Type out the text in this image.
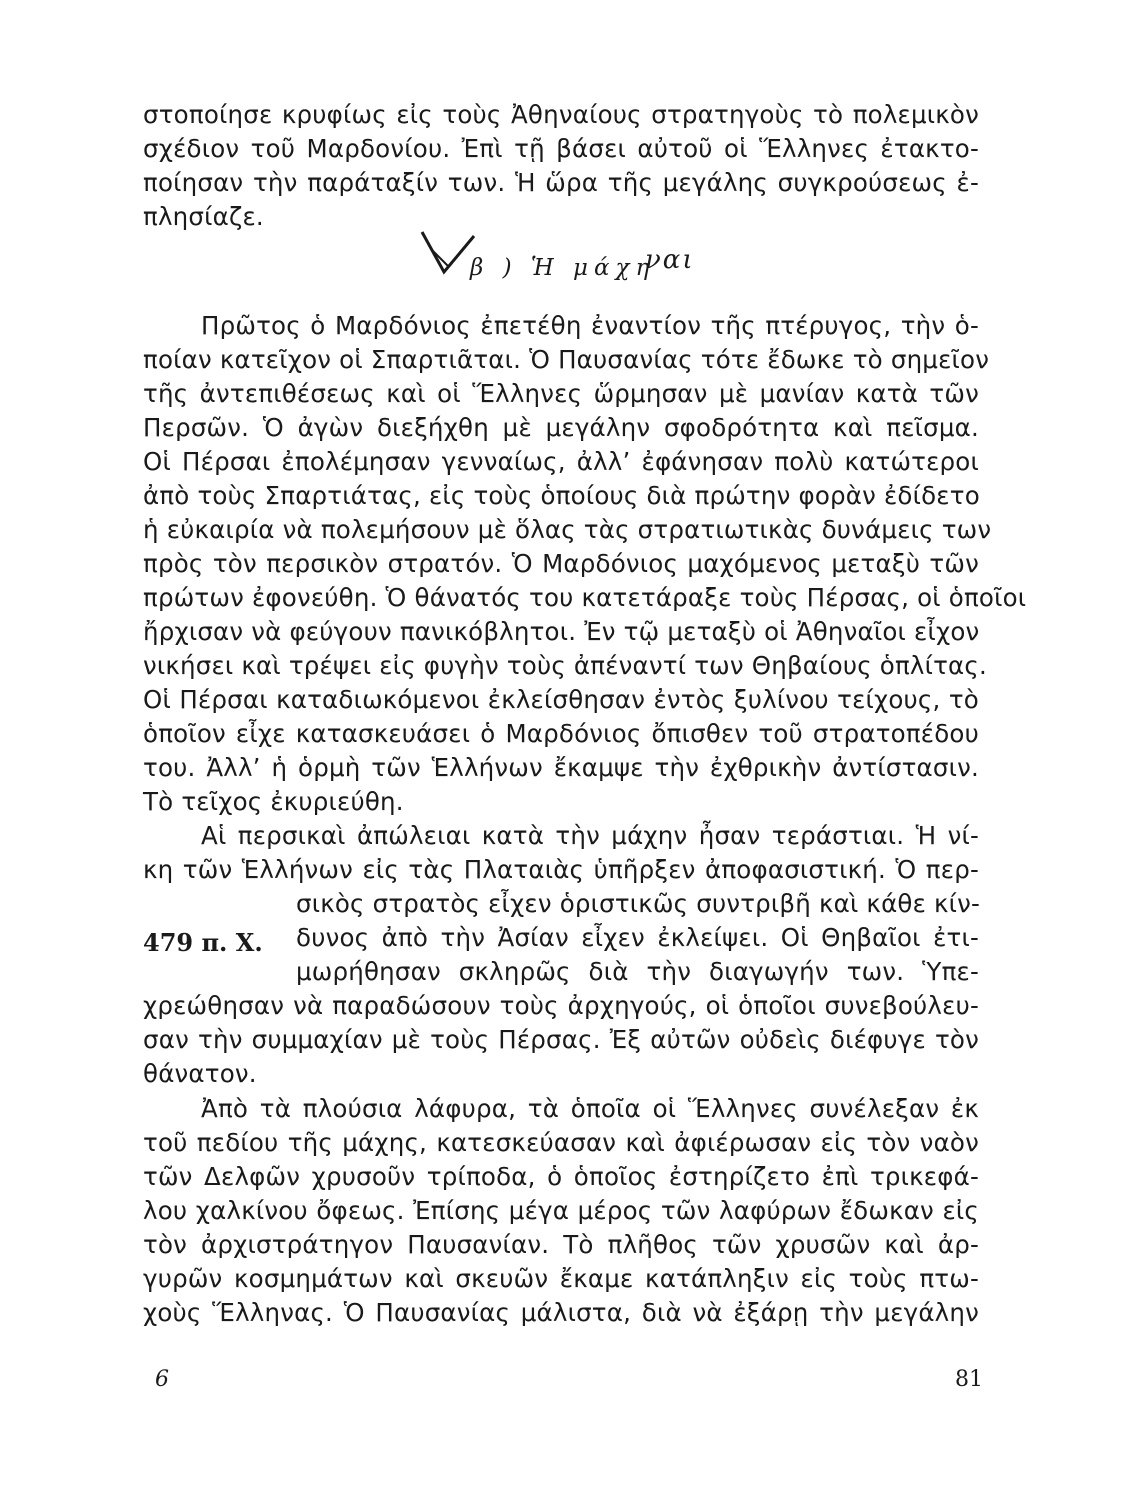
στοποίησε κρυφίως εἰς τοὺς Ἀθηναίους στρατηγοὺς τὸ πολεμικὸν
σχέδιον τοῦ Μαρδονίου. Ἐπὶ τῇ βάσει αὐτοῦ οἱ Ἕλληνες ἐτακτο-
ποίησαν τὴν παράταξίν των. Ἡ ὥρα τῆς μεγάλης συγκρούσεως ἐ-
πλησίαζε.
β ) Ἡ μάχη
ναι
Πρῶτος ὁ Μαρδόνιος ἐπετέθη ἐναντίον τῆς πτέρυγος, τὴν ὁ-
ποίαν κατεῖχον οἱ Σπαρτιᾶται. Ὁ Παυσανίας τότε ἔδωκε τὸ σημεῖον
τῆς ἀντεπιθέσεως καὶ οἱ Ἕλληνες ὥρμησαν μὲ μανίαν κατὰ τῶν
Περσῶν. Ὁ ἀγὼν διεξήχθη μὲ μεγάλην σφοδρότητα καὶ πεῖσμα.
Οἱ Πέρσαι ἐπολέμησαν γενναίως, ἀλλ’ ἐφάνησαν πολὺ κατώτεροι
ἀπὸ τοὺς Σπαρτιάτας, εἰς τοὺς ὁποίους διὰ πρώτην φορὰν ἐδίδετο
ἡ εὐκαιρία νὰ πολεμήσουν μὲ ὅλας τὰς στρατιωτικὰς δυνάμεις των
πρὸς τὸν περσικὸν στρατόν. Ὁ Μαρδόνιος μαχόμενος μεταξὺ τῶν
πρώτων ἐφονεύθη. Ὁ θάνατός του κατετάραξε τοὺς Πέρσας, οἱ ὁποῖοι
ἤρχισαν νὰ φεύγουν πανικόβλητοι. Ἐν τῷ μεταξὺ οἱ Ἀθηναῖοι εἶχον
νικήσει καὶ τρέψει εἰς φυγὴν τοὺς ἀπέναντί των Θηβαίους ὁπλίτας.
Οἱ Πέρσαι καταδιωκόμενοι ἐκλείσθησαν ἐντὸς ξυλίνου τείχους, τὸ
ὁποῖον εἶχε κατασκευάσει ὁ Μαρδόνιος ὄπισθεν τοῦ στρατοπέδου
του. Ἀλλ’ ἡ ὁρμὴ τῶν Ἑλλήνων ἔκαμψε τὴν ἐχθρικὴν ἀντίστασιν.
Τὸ τεῖχος ἐκυριεύθη.
Αἱ περσικαὶ ἀπώλειαι κατὰ τὴν μάχην ἦσαν τεράστιαι. Ἡ νί-
κη τῶν Ἑλλήνων εἰς τὰς Πλαταιὰς ὑπῆρξεν ἀποφασιστική. Ὁ περ-
σικὸς στρατὸς εἶχεν ὁριστικῶς συντριβῆ καὶ κάθε κίν-
δυνος ἀπὸ τὴν Ἀσίαν εἶχεν ἐκλείψει. Οἱ Θηβαῖοι ἐτι-
μωρήθησαν σκληρῶς διὰ τὴν διαγωγήν των. Ὑπε-
χρεώθησαν νὰ παραδώσουν τοὺς ἀρχηγούς, οἱ ὁποῖοι συνεβούλευ-
σαν τὴν συμμαχίαν μὲ τοὺς Πέρσας. Ἐξ αὐτῶν οὐδεὶς διέφυγε τὸν
θάνατον.
479 π. Χ.
Ἀπὸ τὰ πλούσια λάφυρα, τὰ ὁποῖα οἱ Ἕλληνες συνέλεξαν ἐκ
τοῦ πεδίου τῆς μάχης, κατεσκεύασαν καὶ ἀφιέρωσαν εἰς τὸν ναὸν
τῶν Δελφῶν χρυσοῦν τρίποδα, ὁ ὁποῖος ἐστηρίζετο ἐπὶ τρικεφά-
λου χαλκίνου ὄφεως. Ἐπίσης μέγα μέρος τῶν λαφύρων ἔδωκαν εἰς
τὸν ἀρχιστράτηγον Παυσανίαν. Τὸ πλῆθος τῶν χρυσῶν καὶ ἀρ-
γυρῶν κοσμημάτων καὶ σκευῶν ἔκαμε κατάπληξιν εἰς τοὺς πτω-
χοὺς Ἕλληνας. Ὁ Παυσανίας μάλιστα, διὰ νὰ ἐξάρῃ τὴν μεγάλην
6	81
